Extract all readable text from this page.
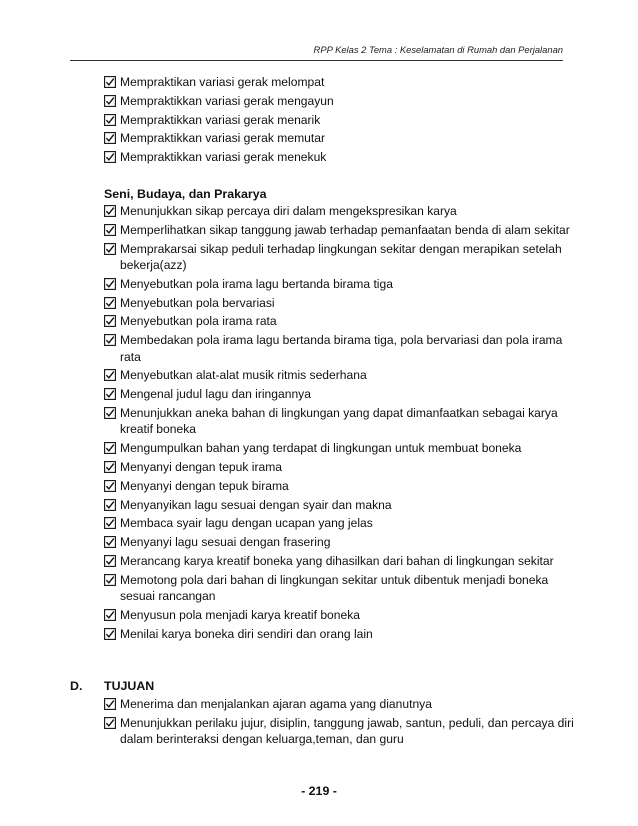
RPP Kelas 2 Tema : Keselamatan di Rumah dan Perjalanan
Mempraktikan variasi gerak melompat
Mempraktikkan variasi gerak mengayun
Mempraktikkan variasi gerak menarik
Mempraktikkan variasi gerak memutar
Mempraktikkan variasi gerak menekuk
Seni, Budaya, dan Prakarya
Menunjukkan sikap percaya diri dalam mengekspresikan karya
Memperlihatkan sikap tanggung jawab terhadap pemanfaatan benda di alam sekitar
Memprakarsai sikap peduli terhadap lingkungan sekitar dengan merapikan setelah bekerja(azz)
Menyebutkan pola irama lagu bertanda birama tiga
Menyebutkan pola bervariasi
Menyebutkan pola irama rata
Membedakan pola irama lagu bertanda birama tiga, pola bervariasi dan pola irama rata
Menyebutkan alat-alat musik ritmis sederhana
Mengenal judul lagu dan iringannya
Menunjukkan aneka bahan di lingkungan yang dapat dimanfaatkan sebagai karya kreatif boneka
Mengumpulkan bahan yang terdapat di lingkungan untuk membuat boneka
Menyanyi dengan tepuk irama
Menyanyi dengan tepuk birama
Menyanyikan lagu sesuai dengan syair dan makna
Membaca syair lagu dengan ucapan yang jelas
Menyanyi lagu sesuai dengan frasering
Merancang karya kreatif boneka yang dihasilkan dari bahan di lingkungan sekitar
Memotong pola dari bahan di lingkungan sekitar untuk dibentuk menjadi boneka sesuai rancangan
Menyusun pola menjadi karya kreatif boneka
Menilai karya boneka diri sendiri dan orang lain
D. TUJUAN
Menerima dan menjalankan ajaran agama yang dianutnya
Menunjukkan perilaku jujur, disiplin, tanggung jawab, santun, peduli, dan percaya diri dalam berinteraksi dengan keluarga,teman, dan guru
- 219 -
